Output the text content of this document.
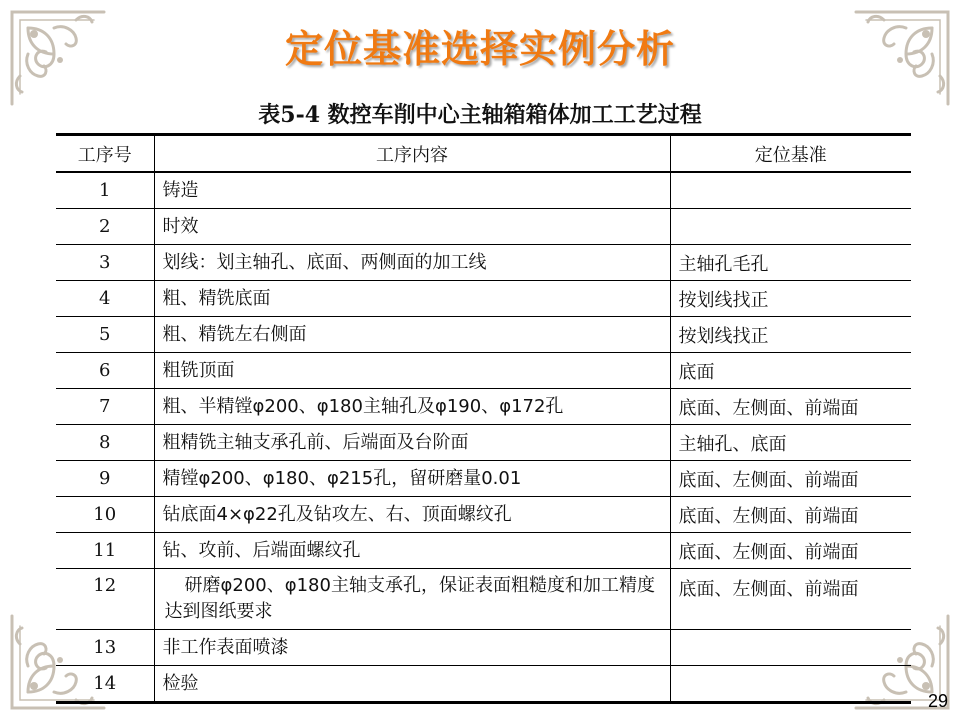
定位基准选择实例分析
表5-4 数控车削中心主轴箱箱体加工工艺过程
工序号	工序内容	定位基准
1	铸造	
2	时效	
3	划线：划主轴孔、底面、两侧面的加工线	主轴孔毛孔
4	粗、精铣底面	按划线找正
5	粗、精铣左右侧面	按划线找正
6	粗铣顶面	底面
7	粗、半精镗φ200、φ180主轴孔及φ190、φ172孔	底面、左侧面、前端面
8	粗精铣主轴支承孔前、后端面及台阶面	主轴孔、底面
9	精镗φ200、φ180、φ215孔，留研磨量0.01	底面、左侧面、前端面
10	钻底面4×φ22孔及钻攻左、右、顶面螺纹孔	底面、左侧面、前端面
11	钻、攻前、后端面螺纹孔	底面、左侧面、前端面
12	研磨φ200、φ180主轴支承孔，保证表面粗糙度和加工精度达到图纸要求	底面、左侧面、前端面
13	非工作表面喷漆	
14	检验	
29
